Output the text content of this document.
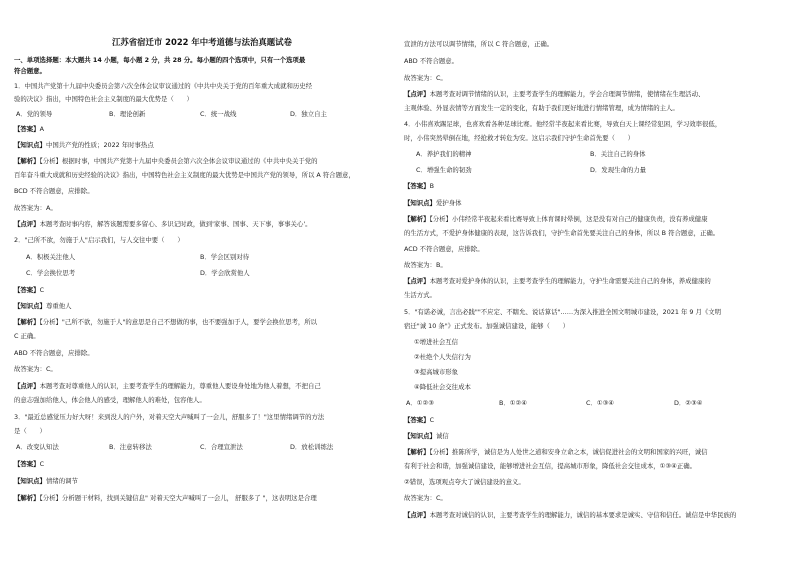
江苏省宿迁市 2022 年中考道德与法治真题试卷
一、单项选择题：本大题共 14 小题，每小题 2 分，共 28 分。每小题的四个选项中，只有一个选项最
符合题意。
1．中国共产党第十九届中央委员会第六次全体会议审议通过的《中共中央关于党的百年重大成就和历史经
验的决议》指出，中国特色社会主义制度的最大优势是（　　）
A．党的领导	B．理论创新	C．统一战线	D．独立自主
【答案】A
【知识点】中国共产党的性质；2022 年时事热点
【解析】【分析】根据时事，中国共产党第十九届中央委员会第六次全体会议审议通过的《中共中央关于党的
百年奋斗重大成就和历史经验的决议》指出，中国特色社会主义制度的最大优势是中国共产党的领导，所以 A 符合题意，
BCD 不符合题意，应排除。
故答案为：A。
【点评】本题考查时事内容，解答该题需要多留心、多识记时政，做到'家事、国事、天下事，事事关心'。
2．"己所不欲，勿施于人"启示我们，与人交往中要（　　）
A．积极关注他人	B．学会区别对待
C．学会换位思考	D．学会欣赏他人
【答案】C
【知识点】尊重他人
【解析】【分析】"己所不欲，勿施于人"的意思是自己不想做的事，也不要强加于人，要学会换位思考，所以
C 正确。
ABD 不符合题意，应排除。
故答案为：C。
【点评】本题考查对尊重他人的认识，主要考查学生的理解能力，尊重他人要设身处地为他人着想，不把自己
的意志强加给他人，体会他人的感受，理解他人的难处，包容他人。
3．"最近总感觉压力好大呀！来到没人的户外，对着天空大声喊叫了一会儿，舒服多了！"这里情绪调节的方法
是（　　）
A．改变认知法	B．注意转移法	C．合理宣泄法	D．放松训练法
【答案】C
【知识点】情绪的调节
【解析】【分析】分析题干材料，找到关键信息" 对着天空大声喊叫了一会儿， 舒服多了 "，这表明这是合理
宣泄的方法可以调节情绪，所以 C 符合题意，正确。
ABD 不符合题意。
故答案为：C。
【点评】本题考查对调节情绪的认识，主要考查学生的理解能力，学会合理调节情绪，使情绪在生理活动、
主观体验、外显表情等方面发生一定的变化，有助于我们更好地进行情绪管理，成为情绪的主人。
4．小伟喜欢踢足球，也喜欢看各种足球比赛。他经常半夜起来看比赛，导致白天上课经常犯困，学习效率很低，
时，小伟突然晕倒在地，经抢救才转危为安。这启示我们守护生命首先要（　　）
A．养护我们的精神	B．关注自己的身体
C．增强生命的韧劲	D．发现生命的力量
【答案】B
【知识点】爱护身体
【解析】【分析】小伟经常半夜起来看比赛导致上体育课时晕倒，这是没有对自己的健康负责，没有养成健康
的生活方式，不爱护身体健康的表现，这告诉我们，守护生命首先要关注自己的身体，所以 B 符合题意，正确。
ACD 不符合题意，应排除。
故答案为：B。
【点评】本题考查对爱护身体的认识，主要考查学生的理解能力，守护生命需要关注自己的身体，养成健康的
生活方式。
5．"有诺必诚，言出必践""不应定、不瞎允、说话算话"……为深入推进全国文明城市建设，2021 年 9 月《文明
宿迁"诚 10 条"》正式发布。加强诚信建设，能够（　　）
①增进社会互信
②杜绝个人失信行为
③提高城市形象
④降低社会交往成本
A．①②③	B．①②④	C．①③④	D．②③④
【答案】C
【知识点】诚信
【解析】【分析】推陈所学，诚信是为人处世之道和安身立命之本，诚信促进社会的文明和国家的兴旺，诚信
有利于社会和谐，加强诚信建设，能够增进社会互信，提高城市形象，降低社会交往成本，①③④正确。
②错误，选项观点夸大了诚信建设的意义。
故答案为：C。
【点评】本题考查对诚信的认识，主要考查学生的理解能力，诚信的基本要求是诚实、守信和信任。诚信是中华民族的
